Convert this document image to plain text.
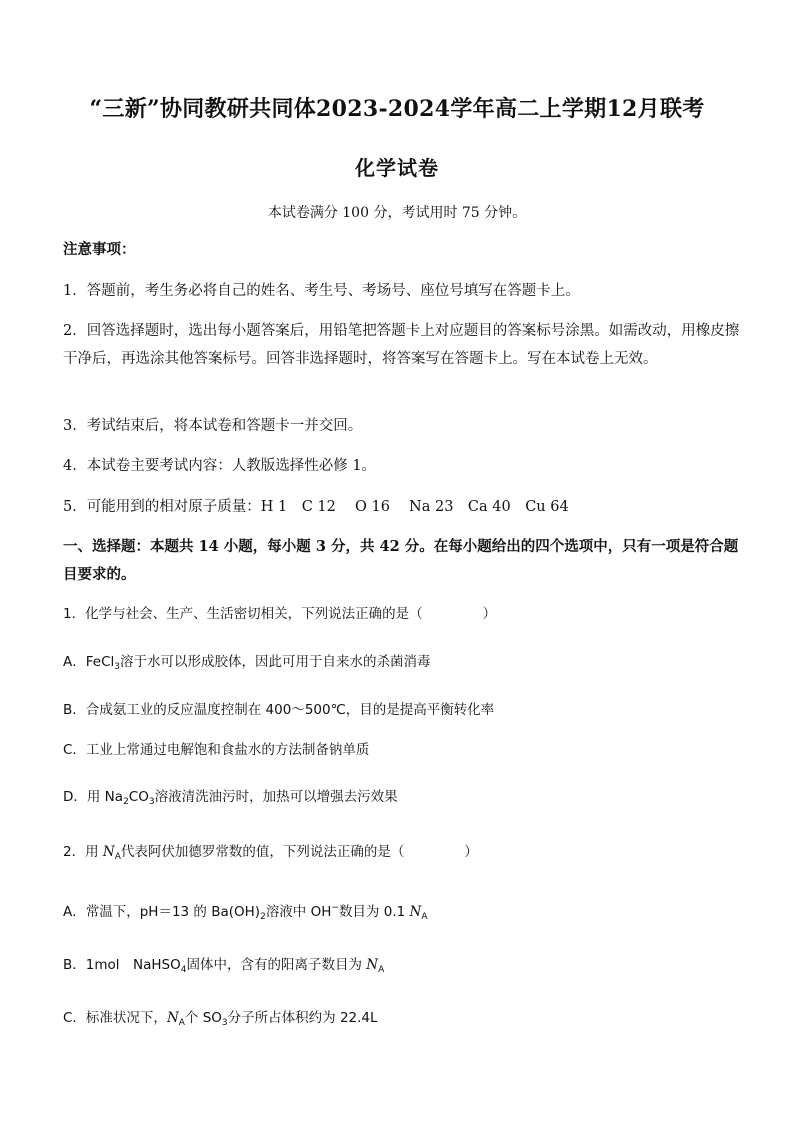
“三新”协同教研共同体2023-2024学年高二上学期12月联考
化学试卷
本试卷满分 100 分，考试用时 75 分钟。
注意事项：
1．答题前，考生务必将自己的姓名、考生号、考场号、座位号填写在答题卡上。
2．回答选择题时，选出每小题答案后，用铅笔把答题卡上对应题目的答案标号涂黑。如需改动，用橡皮擦干净后，再选涂其他答案标号。回答非选择题时，将答案写在答题卡上。写在本试卷上无效。
3．考试结束后，将本试卷和答题卡一并交回。
4．本试卷主要考试内容：人教版选择性必修 1。
5．可能用到的相对原子质量：H 1　C 12　 O 16　 Na 23　Ca 40　Cu 64
一、选择题：本题共 14 小题，每小题 3 分，共 42 分。在每小题给出的四个选项中，只有一项是符合题目要求的。
1．化学与社会、生产、生活密切相关，下列说法正确的是（	）
A．FeCl$_3$溶于水可以形成胶体，因此可用于自来水的杀菌消毒
B．合成氨工业的反应温度控制在 400～500℃，目的是提高平衡转化率
C．工业上常通过电解饱和食盐水的方法制备钠单质
D．用 $Na_2CO_3$溶液清洗油污时，加热可以增强去污效果
2．用 $N_A$代表阿伏加德罗常数的值，下列说法正确的是（	）
A．常温下，pH＝13 的 $Ba(OH)_2$溶液中 OH−数目为 0.1 $N_A$
B．1mol　NaHSO$_4$固体中，含有的阳离子数目为 $N_A$
C．标准状况下，$N_A$个 $SO_3$分子所占体积约为 22.4L
